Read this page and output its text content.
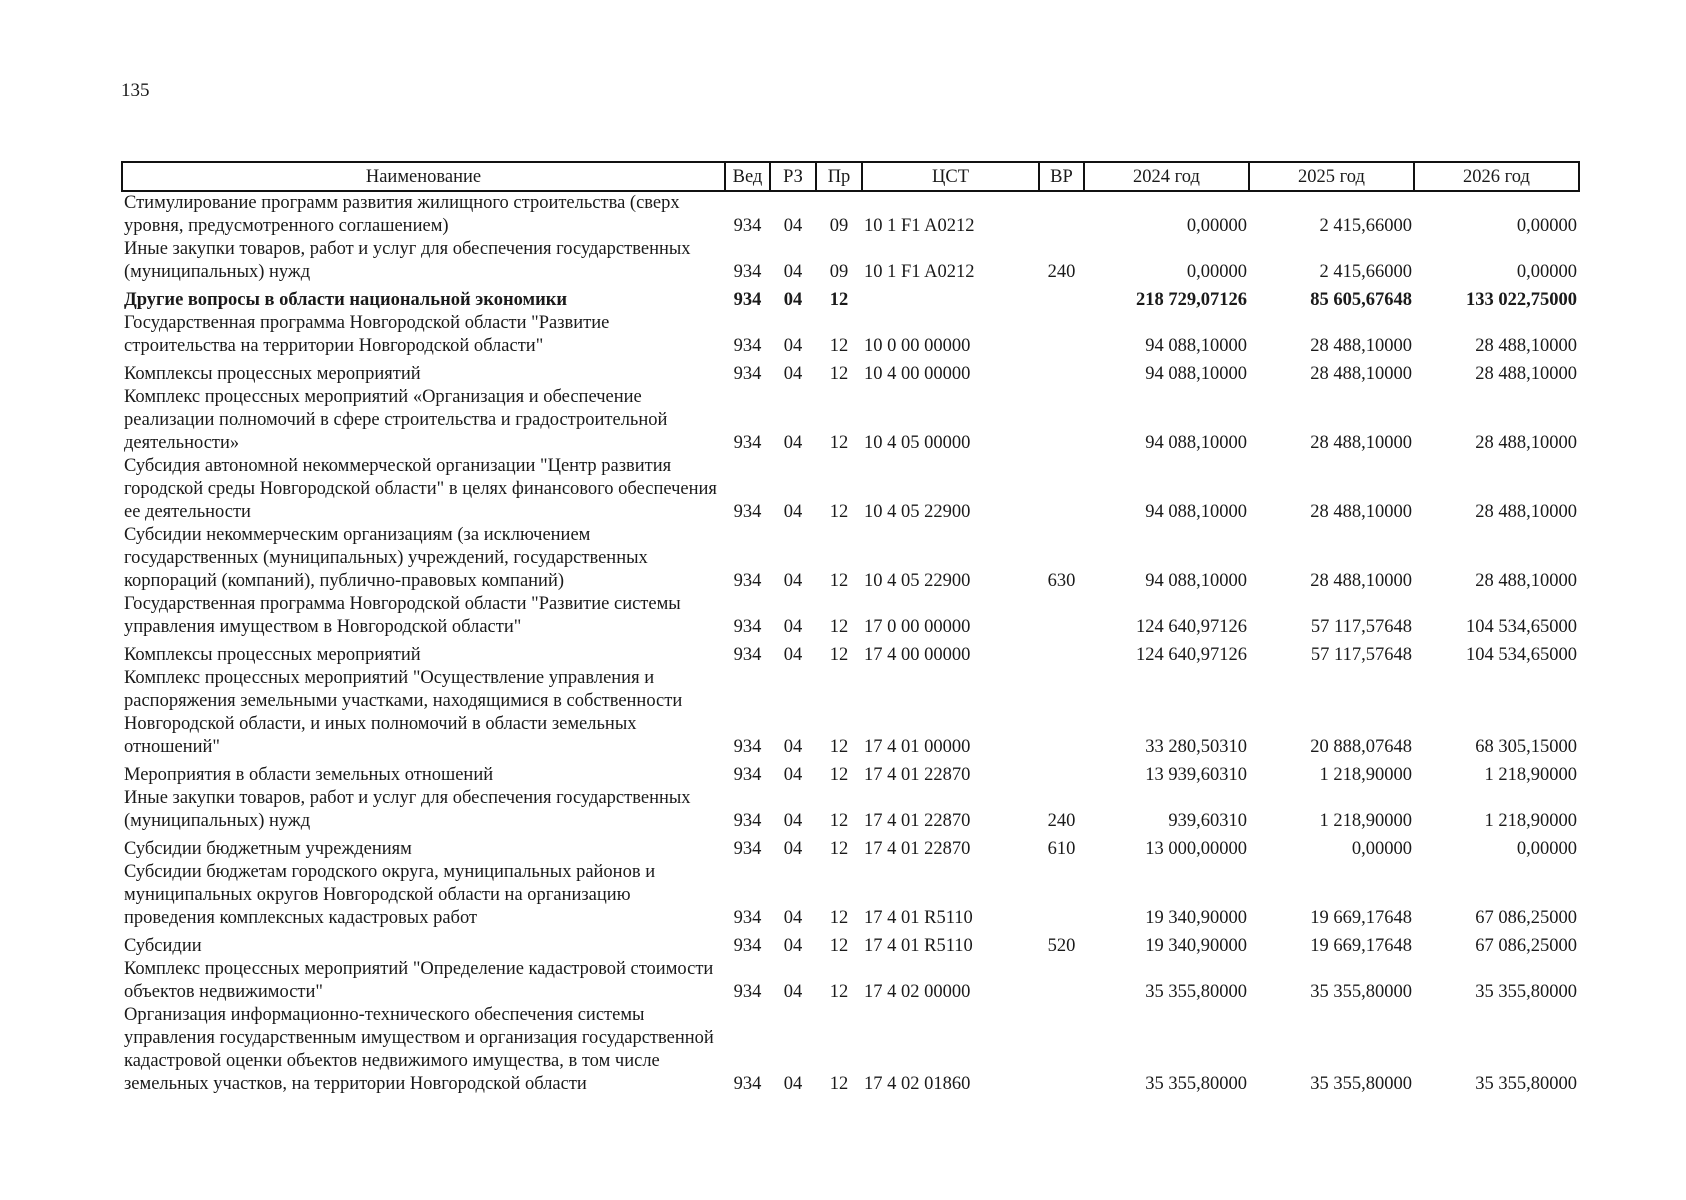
135
Наименование	Вед	РЗ	Пр	ЦСТ	ВР	2024 год	2025 год	2026 год
Стимулирование программ развития жилищного строительства (сверх уровня, предусмотренного соглашением)	934	04	09	10 1 F1 A0212		0,00000	2 415,66000	0,00000
Иные закупки товаров, работ и услуг для обеспечения государственных (муниципальных) нужд	934	04	09	10 1 F1 A0212	240	0,00000	2 415,66000	0,00000
Другие вопросы в области национальной экономики	934	04	12			218 729,07126	85 605,67648	133 022,75000
Государственная программа Новгородской области "Развитие строительства на территории Новгородской области"	934	04	12	10 0 00 00000		94 088,10000	28 488,10000	28 488,10000
Комплексы процессных мероприятий	934	04	12	10 4 00 00000		94 088,10000	28 488,10000	28 488,10000
Комплекс процессных мероприятий «Организация и обеспечение реализации полномочий в сфере строительства и градостроительной деятельности»	934	04	12	10 4 05 00000		94 088,10000	28 488,10000	28 488,10000
Субсидия автономной некоммерческой организации "Центр развития городской среды Новгородской области" в целях финансового обеспечения ее деятельности	934	04	12	10 4 05 22900		94 088,10000	28 488,10000	28 488,10000
Субсидии некоммерческим организациям (за исключением государственных (муниципальных) учреждений, государственных корпораций (компаний), публично-правовых компаний)	934	04	12	10 4 05 22900	630	94 088,10000	28 488,10000	28 488,10000
Государственная программа Новгородской области "Развитие системы управления имуществом в Новгородской области"	934	04	12	17 0 00 00000		124 640,97126	57 117,57648	104 534,65000
Комплексы процессных мероприятий	934	04	12	17 4 00 00000		124 640,97126	57 117,57648	104 534,65000
Комплекс процессных мероприятий "Осуществление управления и распоряжения земельными участками, находящимися в собственности Новгородской области, и иных полномочий в области земельных отношений"	934	04	12	17 4 01 00000		33 280,50310	20 888,07648	68 305,15000
Мероприятия в области земельных отношений	934	04	12	17 4 01 22870		13 939,60310	1 218,90000	1 218,90000
Иные закупки товаров, работ и услуг для обеспечения государственных (муниципальных) нужд	934	04	12	17 4 01 22870	240	939,60310	1 218,90000	1 218,90000
Субсидии бюджетным учреждениям	934	04	12	17 4 01 22870	610	13 000,00000	0,00000	0,00000
Субсидии бюджетам городского округа, муниципальных районов и муниципальных округов Новгородской области на организацию проведения комплексных кадастровых работ	934	04	12	17 4 01 R5110		19 340,90000	19 669,17648	67 086,25000
Субсидии	934	04	12	17 4 01 R5110	520	19 340,90000	19 669,17648	67 086,25000
Комплекс процессных мероприятий "Определение кадастровой стоимости объектов недвижимости"	934	04	12	17 4 02 00000		35 355,80000	35 355,80000	35 355,80000
Организация информационно-технического обеспечения системы управления государственным имуществом и организация государственной кадастровой оценки объектов недвижимого имущества, в том числе земельных участков, на территории Новгородской области	934	04	12	17 4 02 01860		35 355,80000	35 355,80000	35 355,80000
